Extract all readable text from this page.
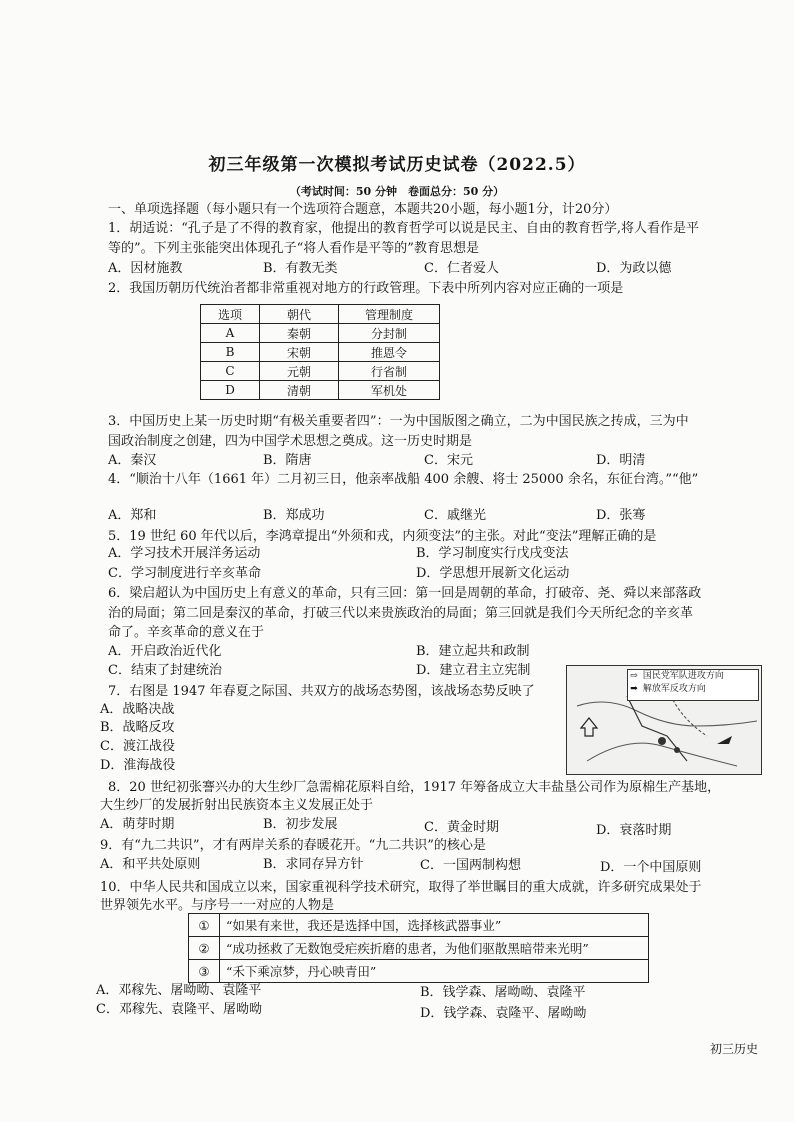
初三年级第一次模拟考试历史试卷（2022.5）
（考试时间：50 分钟　卷面总分：50 分）
一、单项选择题（每小题只有一个选项符合题意，本题共20小题，每小题1分，计20分）
1．胡适说：“孔子是了不得的教育家，他提出的教育哲学可以说是民主、自由的教育哲学,将人看作是平
等的”。下列主张能突出体现孔子“将人看作是平等的”教育思想是
A．因材施教	B．有教无类	C．仁者爱人	D．为政以德
2．我国历朝历代统治者都非常重视对地方的行政管理。下表中所列内容对应正确的一项是
选项	朝代	管理制度
A	秦朝	分封制
B	宋朝	推恩令
C	元朝	行省制
D	清朝	军机处
3．中国历史上某一历史时期“有极关重要者四”：一为中国版图之确立，二为中国民族之抟成，三为中
国政治制度之创建，四为中国学术思想之奠成。这一历史时期是
A．秦汉	B．隋唐	C．宋元	D．明清
4．“顺治十八年（1661 年）二月初三日，他亲率战船 400 余艘、将士 25000 余名，东征台湾。”“他”
A．郑和	B．郑成功	C．戚继光	D．张骞
5．19 世纪 60 年代以后，李鸿章提出“外须和戎，内须变法”的主张。对此“变法”理解正确的是
A．学习技术开展洋务运动	B．学习制度实行戊戌变法
C．学习制度进行辛亥革命	D．学思想开展新文化运动
6．梁启超认为中国历史上有意义的革命，只有三回：第一回是周朝的革命，打破帝、尧、舜以来部落政
治的局面；第二回是秦汉的革命，打破三代以来贵族政治的局面；第三回就是我们今天所纪念的辛亥革
命了。辛亥革命的意义在于
A．开启政治近代化	B．建立起共和政制
C．结束了封建统治	D．建立君主立宪制
7．右图是 1947 年春夏之际国、共双方的战场态势图，该战场态势反映了
A．战略决战
B．战略反攻
C．渡江战役
D．淮海战役
⇨ 国民党军队进攻方向
➡ 解放军反攻方向
8．20 世纪初张謇兴办的大生纱厂急需棉花原料自给，1917 年筹备成立大丰盐垦公司作为原棉生产基地，
大生纱厂的发展折射出民族资本主义发展正处于
A．萌芽时期	B．初步发展	C．黄金时期	D．衰落时期
9．有“九二共识”，才有两岸关系的春暖花开。“九二共识”的核心是
A．和平共处原则	B．求同存异方针	C．一国两制构想	D．一个中国原则
10．中华人民共和国成立以来，国家重视科学技术研究，取得了举世瞩目的重大成就，许多研究成果处于
世界领先水平。与序号一一对应的人物是
①	“如果有来世，我还是选择中国，选择核武器事业”
②	“成功拯救了无数饱受疟疾折磨的患者，为他们驱散黑暗带来光明”
③	“禾下乘凉梦，丹心映青田”
A．邓稼先、屠呦呦、袁隆平	B．钱学森、屠呦呦、袁隆平
C．邓稼先、袁隆平、屠呦呦	D．钱学森、袁隆平、屠呦呦
初三历史
